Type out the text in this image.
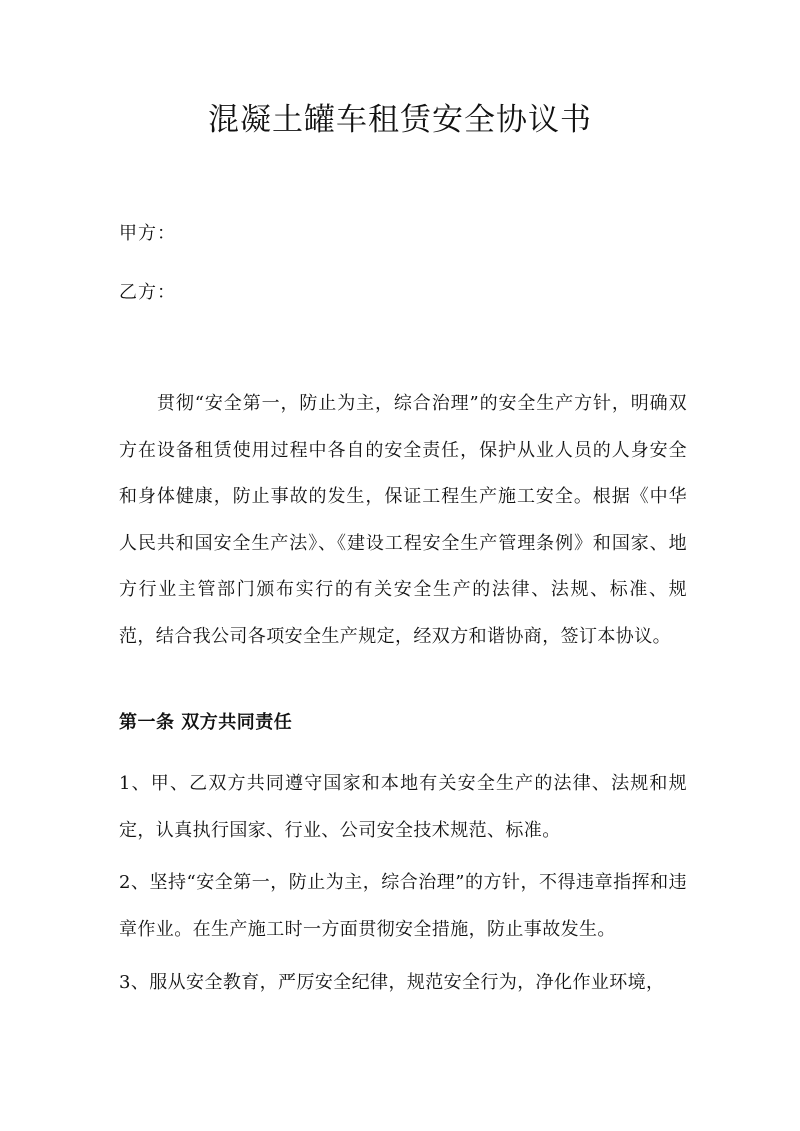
混凝土罐车租赁安全协议书
甲方：
乙方：

贯彻“安全第一，防止为主，综合治理”的安全生产方针，明确双方在设备租赁使用过程中各自的安全责任，保护从业人员的人身安全和身体健康，防止事故的发生，保证工程生产施工安全。根据《中华人民共和国安全生产法》、《建设工程安全生产管理条例》和国家、地方行业主管部门颁布实行的有关安全生产的法律、法规、标准、规范，结合我公司各项安全生产规定，经双方和谐协商，签订本协议。

第一条 双方共同责任

1、甲、乙双方共同遵守国家和本地有关安全生产的法律、法规和规定，认真执行国家、行业、公司安全技术规范、标准。

2、坚持“安全第一，防止为主，综合治理”的方针，不得违章指挥和违章作业。在生产施工时一方面贯彻安全措施，防止事故发生。

3、服从安全教育，严厉安全纪律，规范安全行为，净化作业环境，
